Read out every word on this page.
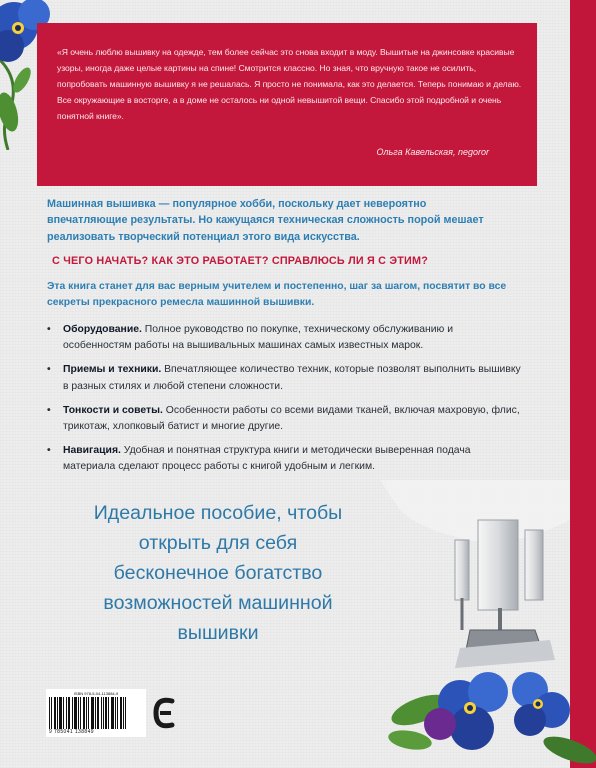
«Я очень люблю вышивку на одежде, тем более сейчас это снова входит в моду. Вышитые на джинсовке красивые узоры, иногда даже целые картины на спине! Смотрится классно. Но зная, что вручную такое не осилить, попробовать машинную вышивку я не решалась. Я просто не понимала, как это делается. Теперь понимаю и делаю. Все окружающие в восторге, а в доме не осталось ни одной невышитой вещи. Спасибо этой подробной и очень понятной книге».

Ольга Кавельская, negoror

Машинная вышивка — популярное хобби, поскольку дает невероятно впечатляющие результаты. Но кажущаяся техническая сложность порой мешает реализовать творческий потенциал этого вида искусства.

С ЧЕГО НАЧАТЬ? КАК ЭТО РАБОТАЕТ? СПРАВЛЮСЬ ЛИ Я С ЭТИМ?

Эта книга станет для вас верным учителем и постепенно, шаг за шагом, посвятит во все секреты прекрасного ремесла машинной вышивки.

• Оборудование. Полное руководство по покупке, техническому обслуживанию и особенностям работы на вышивальных машинах самых известных марок.
• Приемы и техники. Впечатляющее количество техник, которые позволят выполнить вышивку в разных стилях и любой степени сложности.
• Тонкости и советы. Особенности работы со всеми видами тканей, включая махровую, флис, трикотаж, хлопковый батист и многие другие.
• Навигация. Удобная и понятная структура книги и методически выверенная подача материала сделают процесс работы с книгой удобным и легким.

Идеальное пособие, чтобы
открыть для себя
бесконечное богатство
возможностей машинной
вышивки

ISBN 978-5-04-113884-9
9 785041 138849
